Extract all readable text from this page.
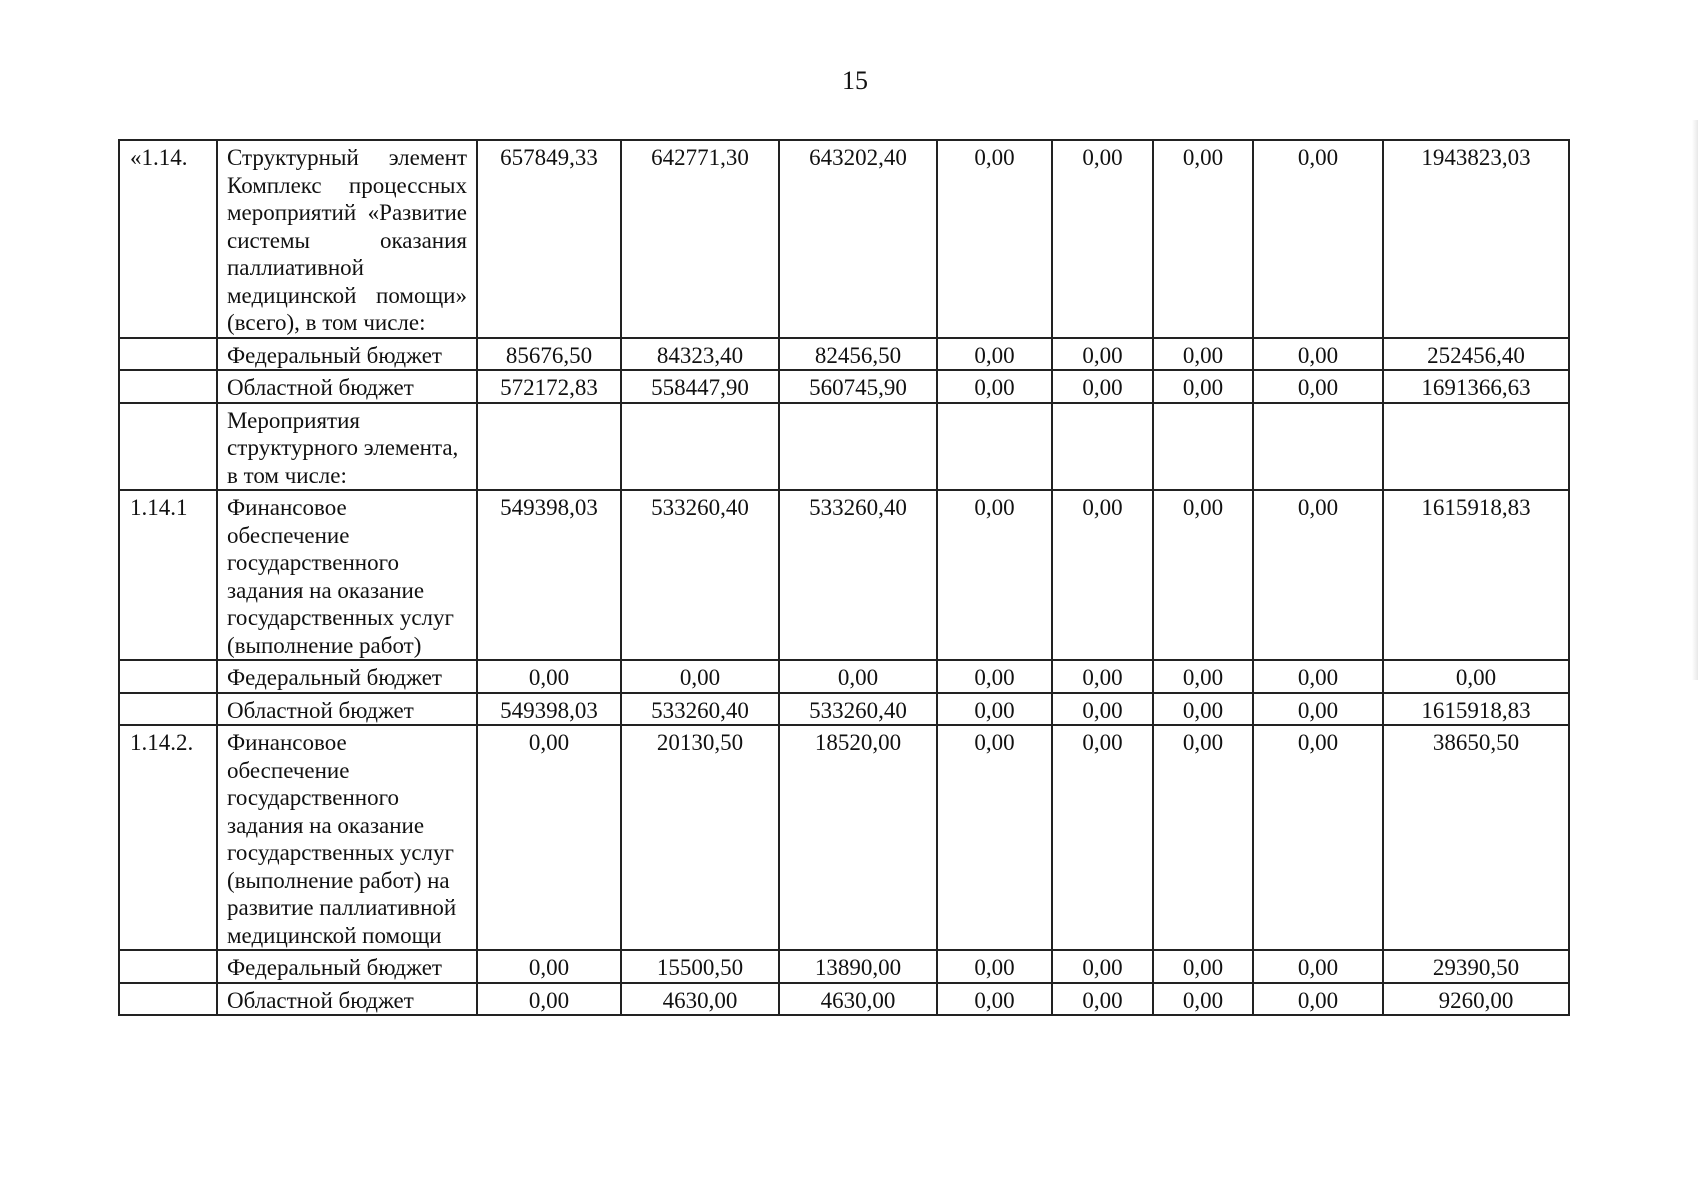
15
«1.14.	Структурный элемент Комплекс процессных мероприятий «Развитие системы оказания паллиативной медицинской помощи» (всего), в том числе:	657849,33	642771,30	643202,40	0,00	0,00	0,00	0,00	1943823,03
	Федеральный бюджет	85676,50	84323,40	82456,50	0,00	0,00	0,00	0,00	252456,40
	Областной бюджет	572172,83	558447,90	560745,90	0,00	0,00	0,00	0,00	1691366,63
	Мероприятия структурного элемента, в том числе:								
1.14.1	Финансовое обеспечение государственного задания на оказание государственных услуг (выполнение работ)	549398,03	533260,40	533260,40	0,00	0,00	0,00	0,00	1615918,83
	Федеральный бюджет	0,00	0,00	0,00	0,00	0,00	0,00	0,00	0,00
	Областной бюджет	549398,03	533260,40	533260,40	0,00	0,00	0,00	0,00	1615918,83
1.14.2.	Финансовое обеспечение государственного задания на оказание государственных услуг (выполнение работ) на развитие паллиативной медицинской помощи	0,00	20130,50	18520,00	0,00	0,00	0,00	0,00	38650,50
	Федеральный бюджет	0,00	15500,50	13890,00	0,00	0,00	0,00	0,00	29390,50
	Областной бюджет	0,00	4630,00	4630,00	0,00	0,00	0,00	0,00	9260,00
